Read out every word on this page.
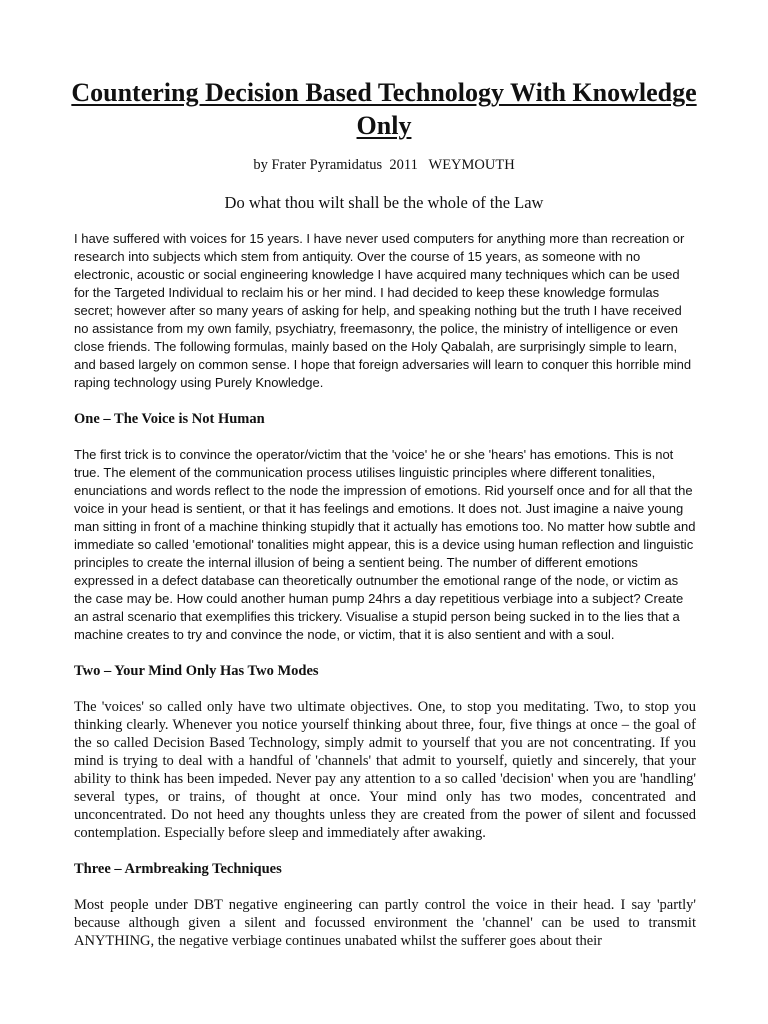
Countering Decision Based Technology With Knowledge Only

by Frater Pyramidatus  2011   WEYMOUTH

Do what thou wilt shall be the whole of the Law

I have suffered with voices for 15 years. I have never used computers for anything more than recreation or research into subjects which stem from antiquity. Over the course of 15 years, as someone with no electronic, acoustic or social engineering knowledge I have acquired many techniques which can be used for the Targeted Individual to reclaim his or her mind. I had decided to keep these knowledge formulas secret; however after so many years of asking for help, and speaking nothing but the truth I have received no assistance from my own family, psychiatry, freemasonry, the police, the ministry of intelligence or even close friends. The following formulas, mainly based on the Holy Qabalah, are surprisingly simple to learn, and based largely on common sense. I hope that foreign adversaries will learn to conquer this horrible mind raping technology using Purely Knowledge.

One – The Voice is Not Human

The first trick is to convince the operator/victim that the 'voice' he or she 'hears' has emotions. This is not true. The element of the communication process utilises linguistic principles where different tonalities, enunciations and words reflect to the node the impression of emotions. Rid yourself once and for all that the voice in your head is sentient, or that it has feelings and emotions. It does not. Just imagine a naive young man sitting in front of a machine thinking stupidly that it actually has emotions too. No matter how subtle and immediate so called 'emotional' tonalities might appear, this is a device using human reflection and linguistic principles to create the internal illusion of being a sentient being. The number of different emotions expressed in a defect database can theoretically outnumber the emotional range of the node, or victim as the case may be. How could another human pump 24hrs a day repetitious verbiage into a subject? Create an astral scenario that exemplifies this trickery. Visualise a stupid person being sucked in to the lies that a machine creates to try and convince the node, or victim, that it is also sentient and with a soul.

Two – Your Mind Only Has Two Modes

The 'voices' so called only have two ultimate objectives. One, to stop you meditating. Two, to stop you thinking clearly. Whenever you notice yourself thinking about three, four, five things at once – the goal of the so called Decision Based Technology, simply admit to yourself that you are not concentrating. If you mind is trying to deal with a handful of 'channels' that admit to yourself, quietly and sincerely, that your ability to think has been impeded. Never pay any attention to a so called 'decision' when you are 'handling' several types, or trains, of thought at once. Your mind only has two modes, concentrated and unconcentrated. Do not heed any thoughts unless they are created from the power of silent and focussed contemplation. Especially before sleep and immediately after awaking.

Three – Armbreaking Techniques

Most people under DBT negative engineering can partly control the voice in their head. I say 'partly' because although given a silent and focussed environment the 'channel' can be used to transmit ANYTHING, the negative verbiage continues unabated whilst the sufferer goes about their
